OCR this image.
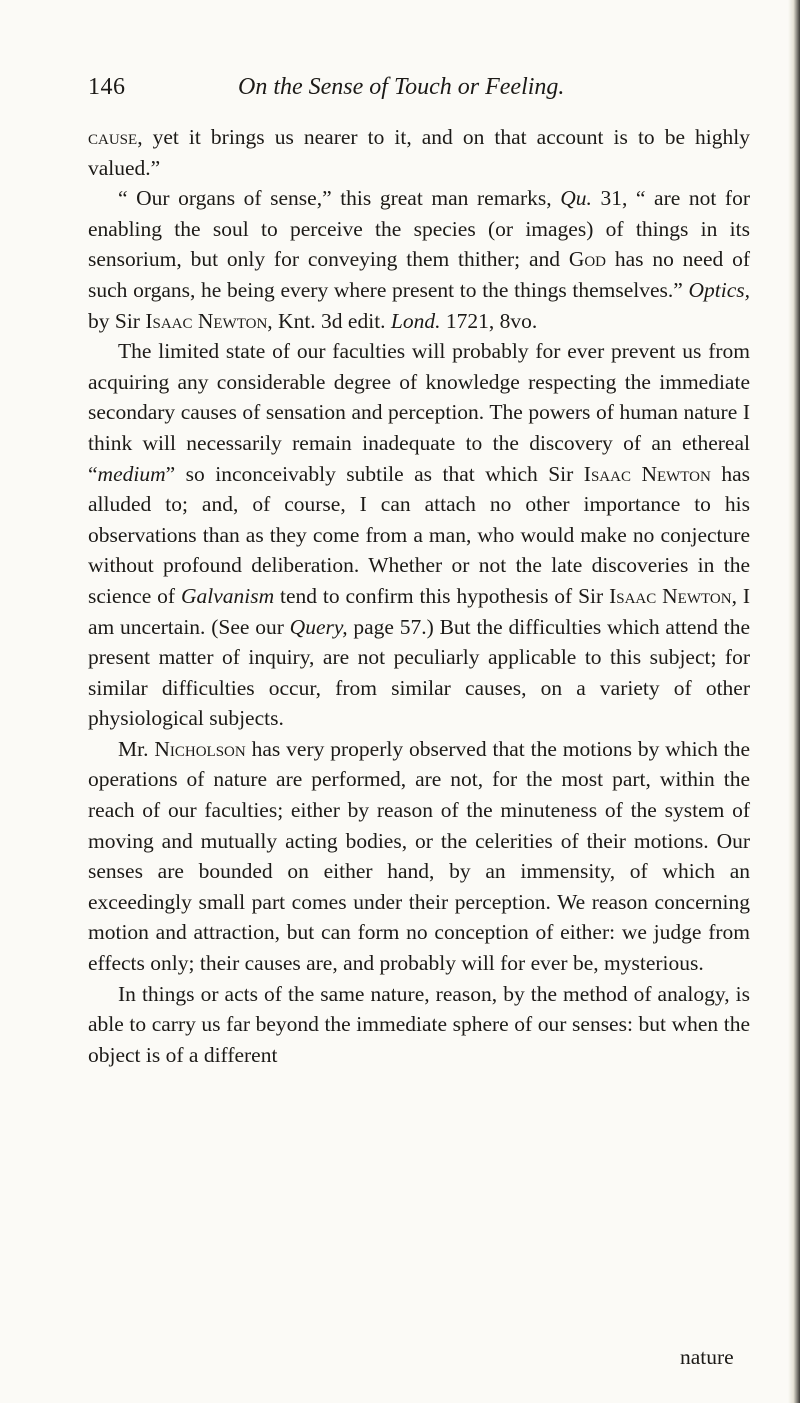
146	On the Sense of Touch or Feeling.

cause, yet it brings us nearer to it, and on that account is to be highly valued.”

“ Our organs of sense,” this great man remarks, Qu. 31, “ are not for enabling the soul to perceive the species (or images) of things in its sensorium, but only for conveying them thither; and God has no need of such organs, he being every where present to the things themselves.” Optics, by Sir Isaac Newton, Knt. 3d edit. Lond. 1721, 8vo.

The limited state of our faculties will probably for ever prevent us from acquiring any considerable degree of knowledge respecting the immediate secondary causes of sensation and perception. The powers of human nature I think will necessarily remain inadequate to the discovery of an ethereal “medium” so inconceivably subtile as that which Sir Isaac Newton has alluded to; and, of course, I can attach no other importance to his observations than as they come from a man, who would make no conjecture without profound deliberation. Whether or not the late discoveries in the science of Galvanism tend to confirm this hypothesis of Sir Isaac Newton, I am uncertain. (See our Query, page 57.) But the difficulties which attend the present matter of inquiry, are not peculiarly applicable to this subject; for similar difficulties occur, from similar causes, on a variety of other physiological subjects.

Mr. Nicholson has very properly observed that the motions by which the operations of nature are performed, are not, for the most part, within the reach of our faculties; either by reason of the minuteness of the system of moving and mutually acting bodies, or the celerities of their motions. Our senses are bounded on either hand, by an immensity, of which an exceedingly small part comes under their perception. We reason concerning motion and attraction, but can form no conception of either: we judge from effects only; their causes are, and probably will for ever be, mysterious.

In things or acts of the same nature, reason, by the method of analogy, is able to carry us far beyond the immediate sphere of our senses: but when the object is of a different

nature
